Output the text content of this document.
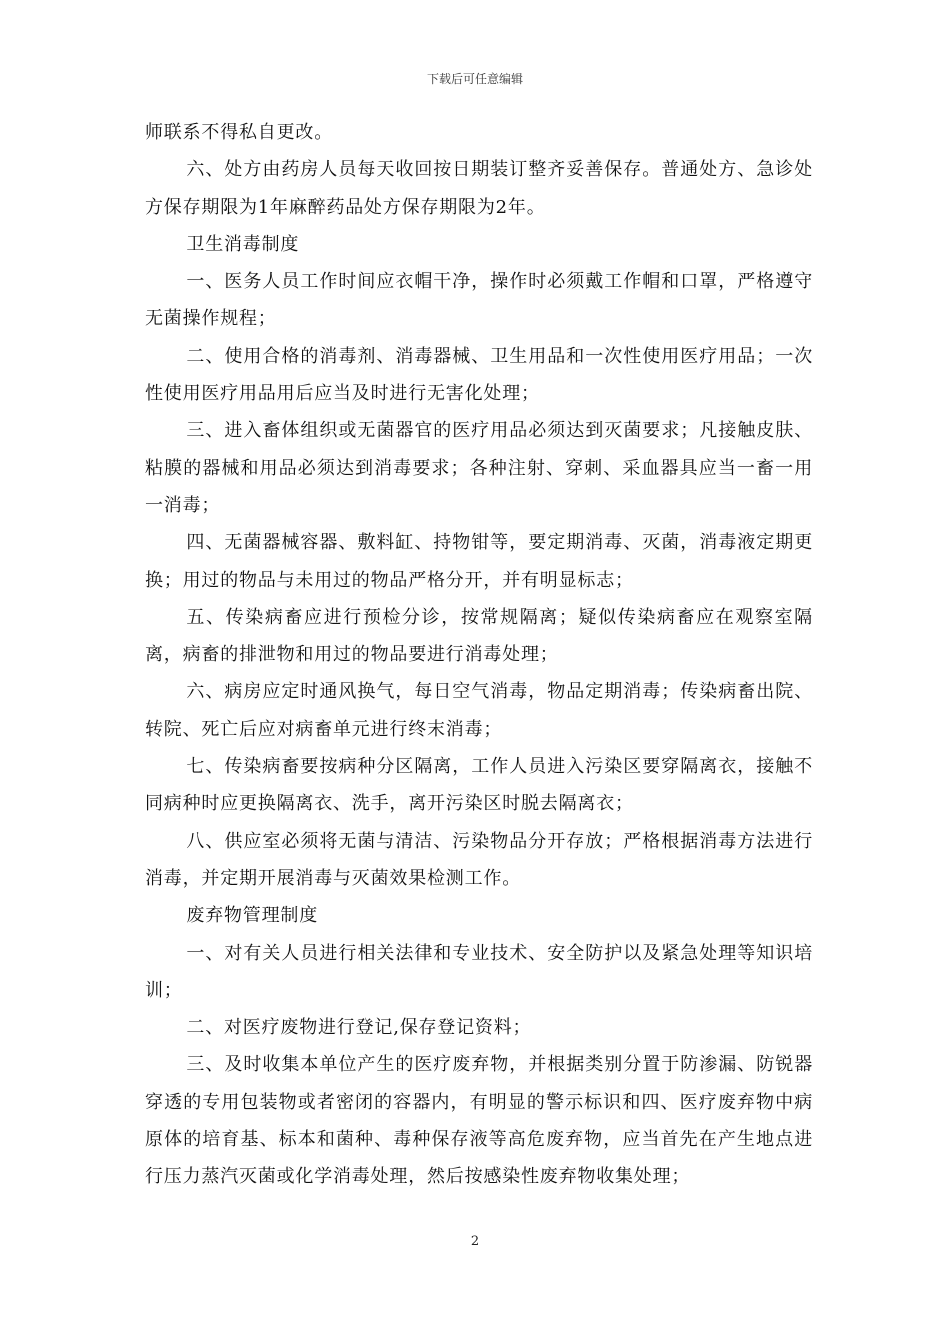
下载后可任意编辑

师联系不得私自更改。

六、处方由药房人员每天收回按日期装订整齐妥善保存。普通处方、急诊处方保存期限为1年麻醉药品处方保存期限为2年。

卫生消毒制度

一、医务人员工作时间应衣帽干净，操作时必须戴工作帽和口罩，严格遵守无菌操作规程；

二、使用合格的消毒剂、消毒器械、卫生用品和一次性使用医疗用品；一次性使用医疗用品用后应当及时进行无害化处理；

三、进入畜体组织或无菌器官的医疗用品必须达到灭菌要求；凡接触皮肤、粘膜的器械和用品必须达到消毒要求；各种注射、穿刺、采血器具应当一畜一用一消毒；

四、无菌器械容器、敷料缸、持物钳等，要定期消毒、灭菌，消毒液定期更换；用过的物品与未用过的物品严格分开，并有明显标志；

五、传染病畜应进行预检分诊，按常规隔离；疑似传染病畜应在观察室隔离，病畜的排泄物和用过的物品要进行消毒处理；

六、病房应定时通风换气，每日空气消毒，物品定期消毒；传染病畜出院、转院、死亡后应对病畜单元进行终末消毒；

七、传染病畜要按病种分区隔离，工作人员进入污染区要穿隔离衣，接触不同病种时应更换隔离衣、洗手，离开污染区时脱去隔离衣；

八、供应室必须将无菌与清洁、污染物品分开存放；严格根据消毒方法进行消毒，并定期开展消毒与灭菌效果检测工作。

废弃物管理制度

一、对有关人员进行相关法律和专业技术、安全防护以及紧急处理等知识培训；

二、对医疗废物进行登记,保存登记资料；

三、及时收集本单位产生的医疗废弃物，并根据类别分置于防渗漏、防锐器穿透的专用包装物或者密闭的容器内，有明显的警示标识和四、医疗废弃物中病原体的培育基、标本和菌种、毒种保存液等高危废弃物，应当首先在产生地点进行压力蒸汽灭菌或化学消毒处理，然后按感染性废弃物收集处理；

2
